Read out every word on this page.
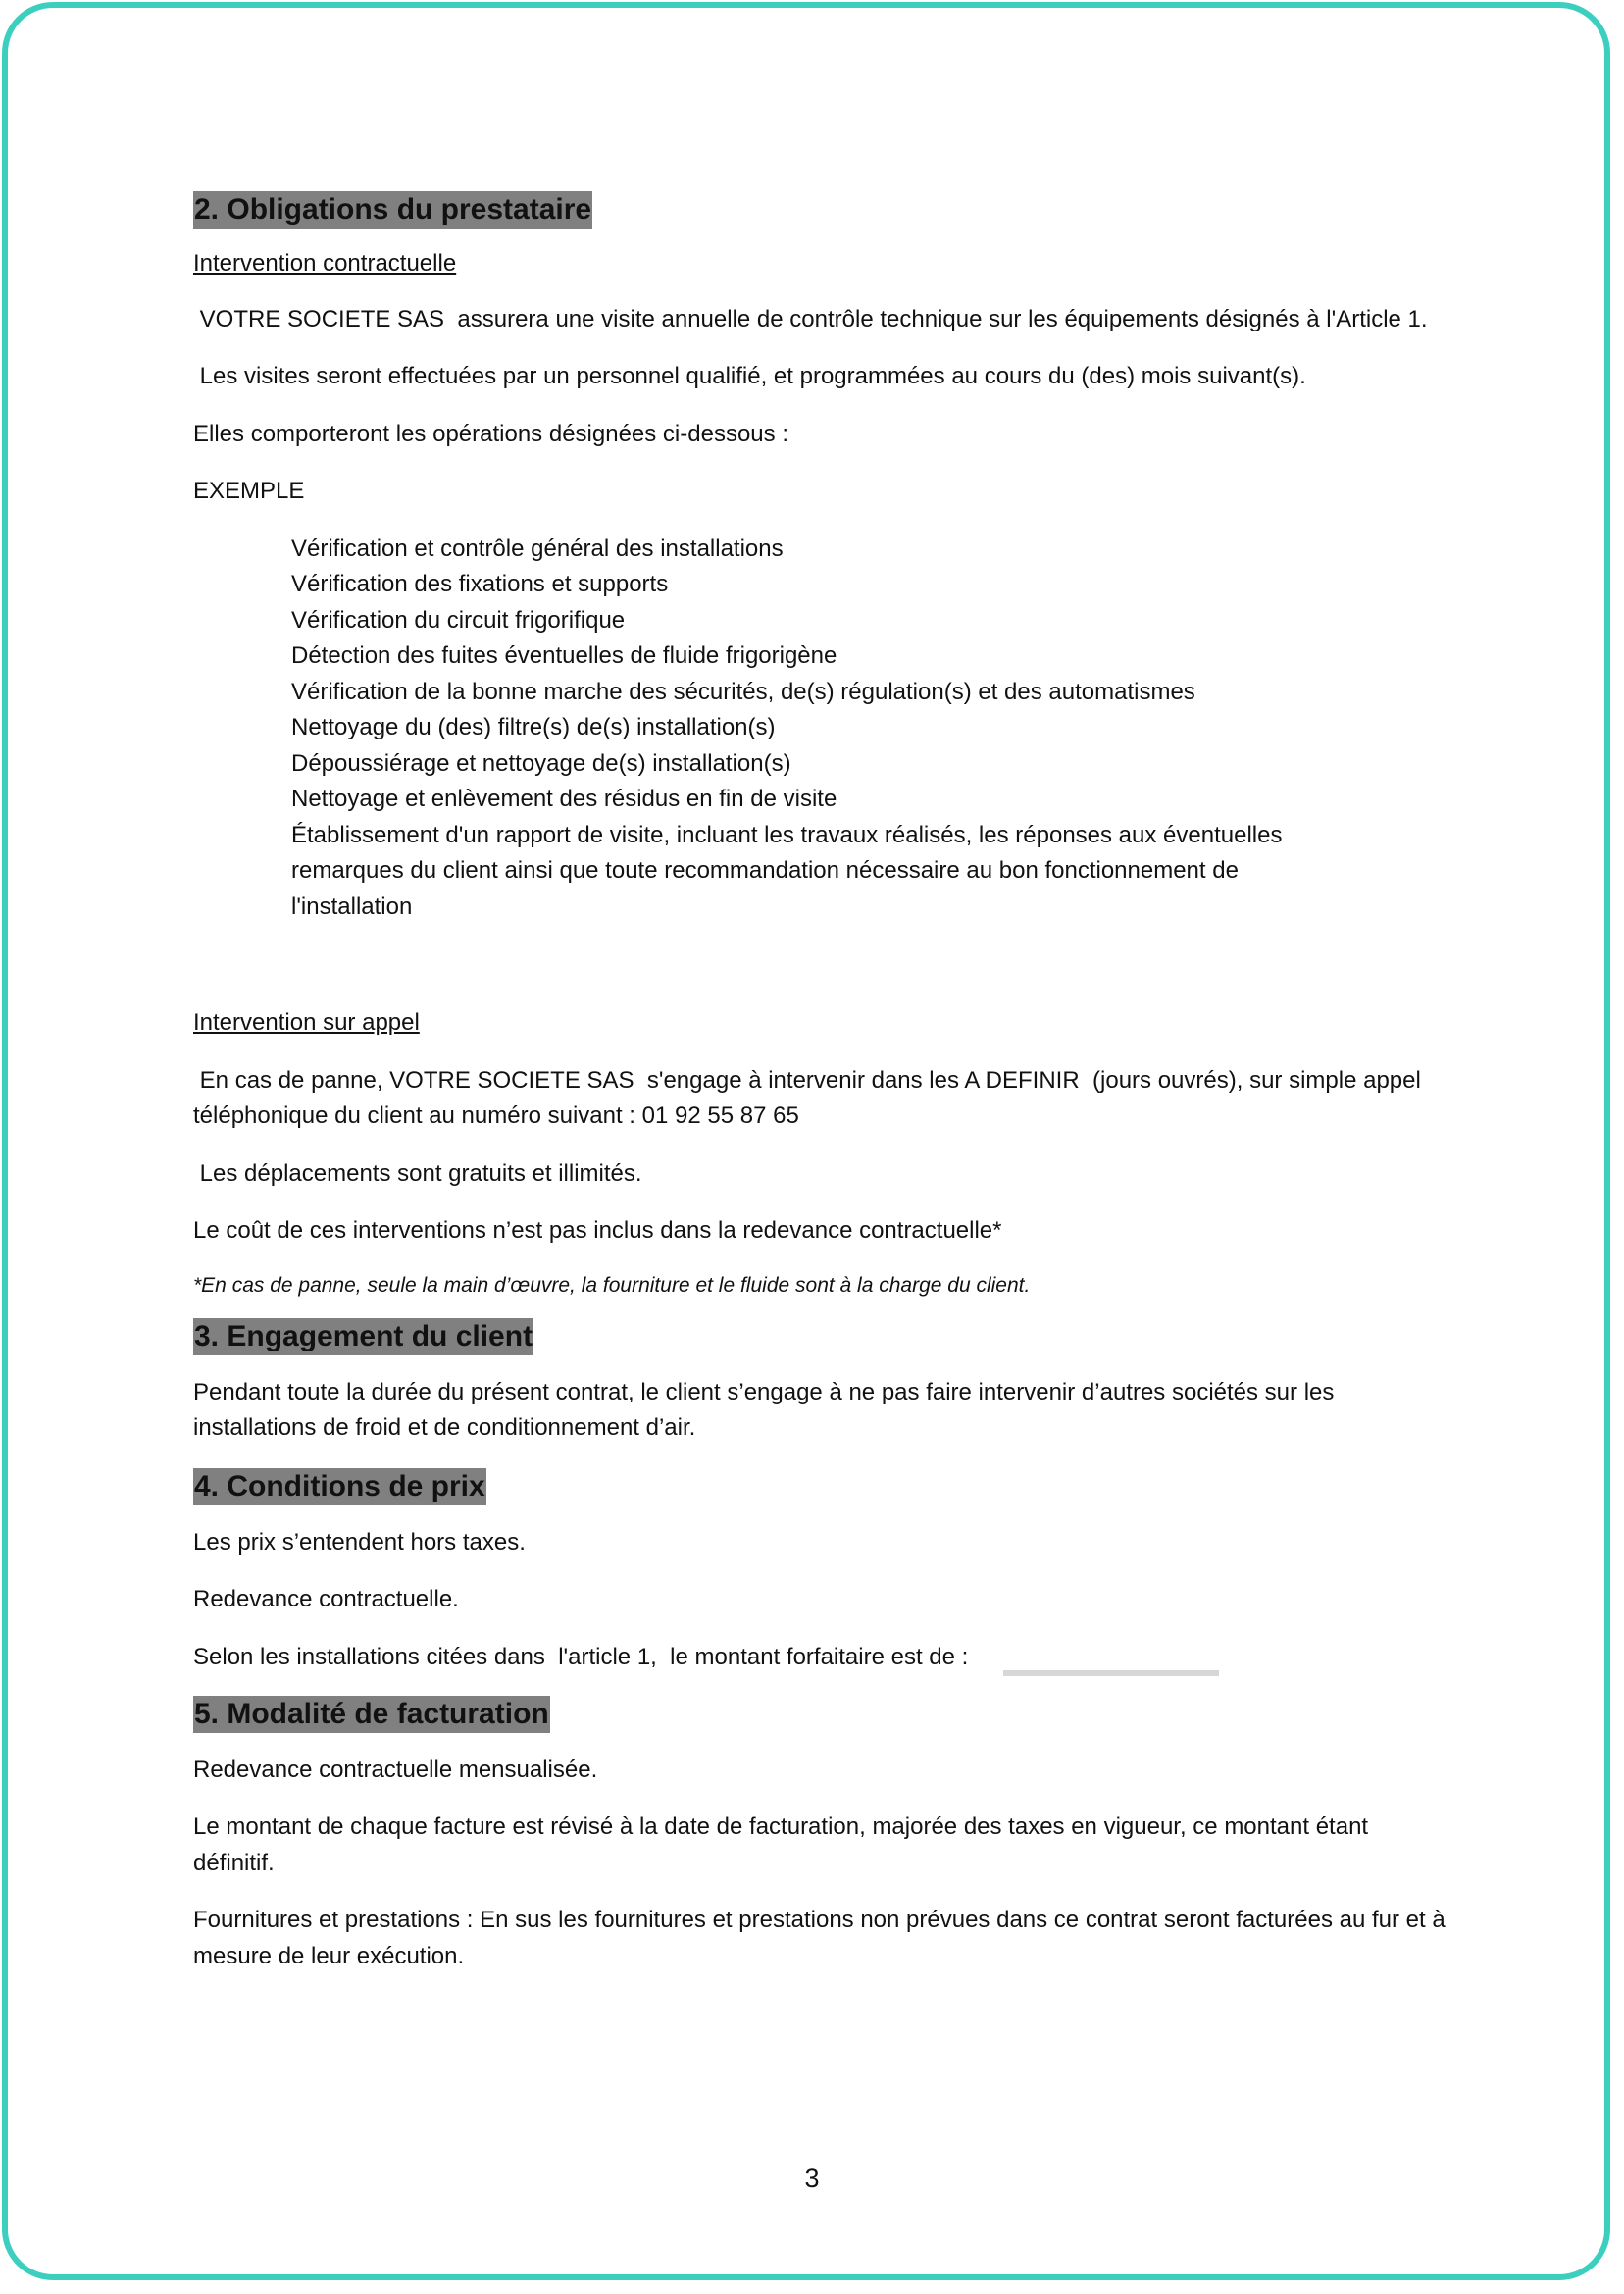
2. Obligations du prestataire

Intervention contractuelle

VOTRE SOCIETE SAS  assurera une visite annuelle de contrôle technique sur les équipements désignés à l'Article 1.

Les visites seront effectuées par un personnel qualifié, et programmées au cours du (des) mois suivant(s).

Elles comporteront les opérations désignées ci-dessous :

EXEMPLE

Vérification et contrôle général des installations
Vérification des fixations et supports
Vérification du circuit frigorifique
Détection des fuites éventuelles de fluide frigorigène
Vérification de la bonne marche des sécurités, de(s) régulation(s) et des automatismes
Nettoyage du (des) filtre(s) de(s) installation(s)
Dépoussiérage et nettoyage de(s) installation(s)
Nettoyage et enlèvement des résidus en fin de visite
Établissement d'un rapport de visite, incluant les travaux réalisés, les réponses aux éventuelles remarques du client ainsi que toute recommandation nécessaire au bon fonctionnement de l'installation

Intervention sur appel

En cas de panne, VOTRE SOCIETE SAS  s'engage à intervenir dans les A DEFINIR  (jours ouvrés), sur simple appel téléphonique du client au numéro suivant : 01 92 55 87 65

Les déplacements sont gratuits et illimités.

Le coût de ces interventions n’est pas inclus dans la redevance contractuelle*

*En cas de panne, seule la main d’œuvre, la fourniture et le fluide sont à la charge du client.

3. Engagement du client

Pendant toute la durée du présent contrat, le client s’engage à ne pas faire intervenir d’autres sociétés sur les installations de froid et de conditionnement d’air.

4. Conditions de prix

Les prix s’entendent hors taxes.

Redevance contractuelle.

Selon les installations citées dans  l'article 1,  le montant forfaitaire est de :

5. Modalité de facturation

Redevance contractuelle mensualisée.

Le montant de chaque facture est révisé à la date de facturation, majorée des taxes en vigueur, ce montant étant définitif.

Fournitures et prestations : En sus les fournitures et prestations non prévues dans ce contrat seront facturées au fur et à mesure de leur exécution.

3
